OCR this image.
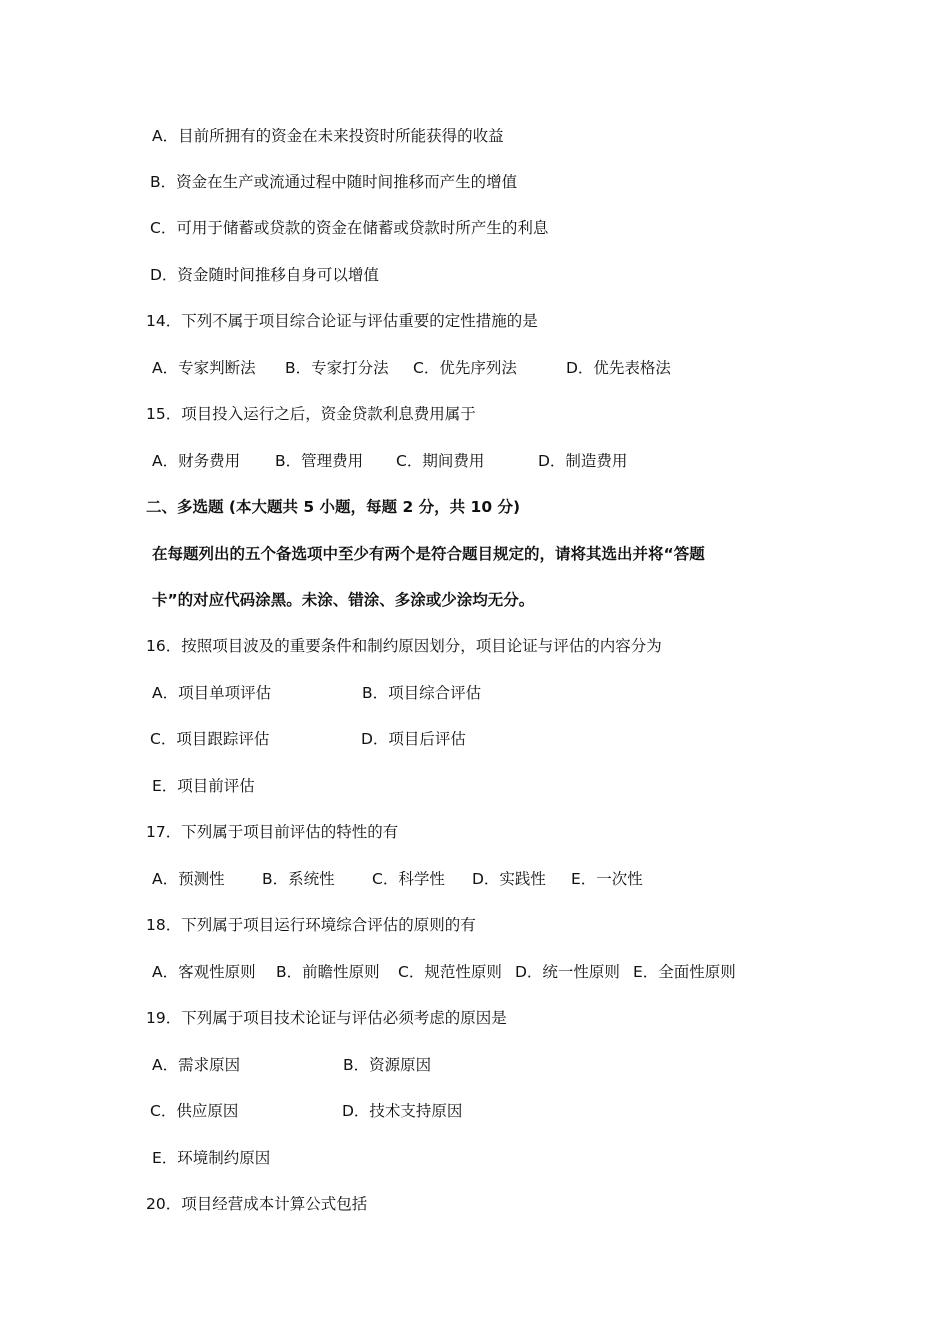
A．目前所拥有的资金在未来投资时所能获得的收益
B．资金在生产或流通过程中随时间推移而产生的增值
C．可用于储蓄或贷款的资金在储蓄或贷款时所产生的利息
D．资金随时间推移自身可以增值
14．下列不属于项目综合论证与评估重要的定性措施的是
A．专家判断法 B．专家打分法 C．优先序列法	D．优先表格法
15．项目投入运行之后，资金贷款利息费用属于
A．财务费用 B．管理费用 C．期间费用	D．制造费用
二、多选题 (本大题共 5 小题，每题 2 分，共 10 分)
在每题列出的五个备选项中至少有两个是符合题目规定的，请将其选出并将“答题
卡”的对应代码涂黑。未涂、错涂、多涂或少涂均无分。
16．按照项目波及的重要条件和制约原因划分，项目论证与评估的内容分为
A．项目单项评估	B．项目综合评估
C．项目跟踪评估	D．项目后评估
E．项目前评估
17．下列属于项目前评估的特性的有
A．预测性 B．系统性 C．科学性 D．实践性 E．一次性
18．下列属于项目运行环境综合评估的原则的有
A．客观性原则 B．前瞻性原则 C．规范性原则 D．统一性原则 E．全面性原则
19．下列属于项目技术论证与评估必须考虑的原因是
A．需求原因	B．资源原因
C．供应原因	D．技术支持原因
E．环境制约原因
20．项目经营成本计算公式包括
